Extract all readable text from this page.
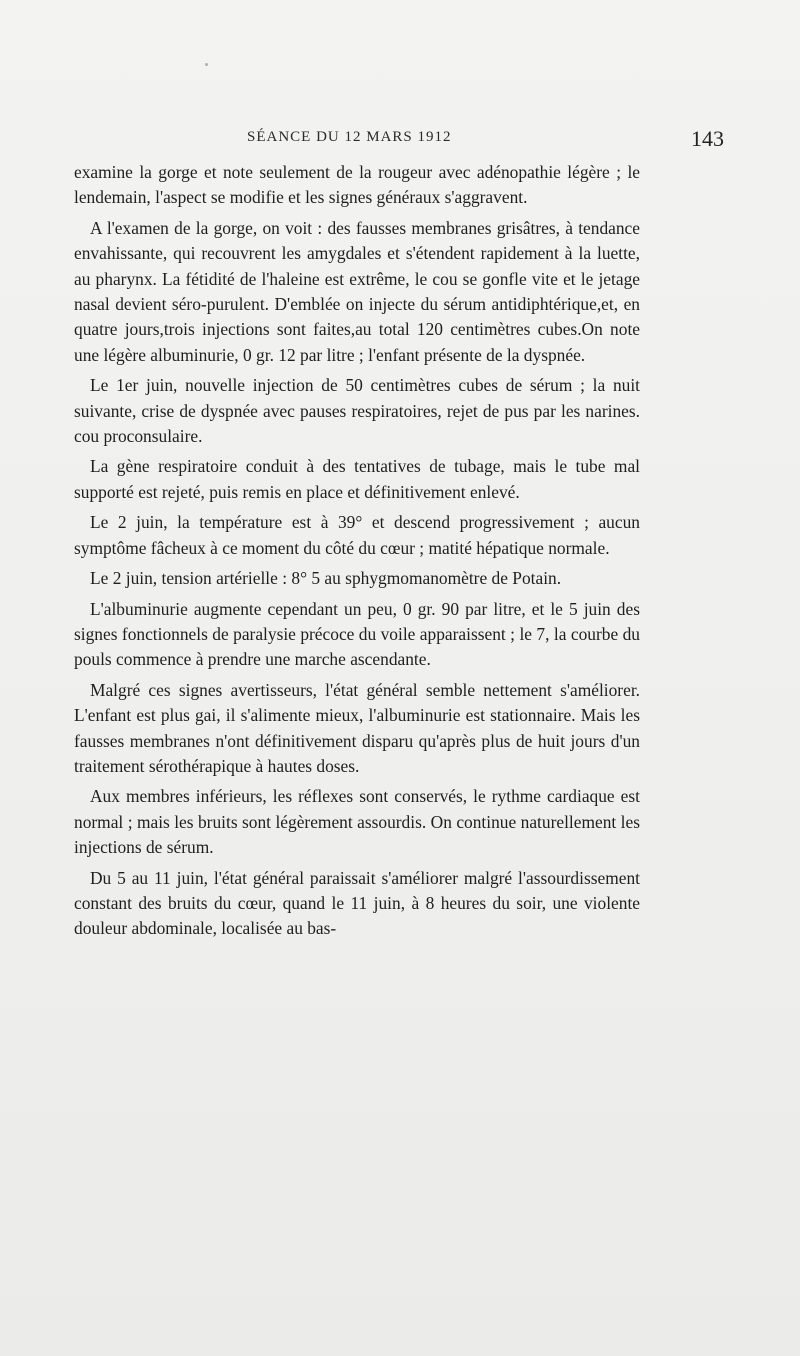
SÉANCE DU 12 MARS 1912	143

examine la gorge et note seulement de la rougeur avec adénopathie légère ; le lendemain, l'aspect se modifie et les signes généraux s'aggravent.

A l'examen de la gorge, on voit : des fausses membranes grisâtres, à tendance envahissante, qui recouvrent les amygdales et s'étendent rapidement à la luette, au pharynx. La fétidité de l'haleine est extrême, le cou se gonfle vite et le jetage nasal devient séro-purulent. D'emblée on injecte du sérum antidiphtérique,et, en quatre jours,trois injections sont faites,au total 120 centimètres cubes.On note une légère albuminurie, 0 gr. 12 par litre ; l'enfant présente de la dyspnée.

Le 1er juin, nouvelle injection de 50 centimètres cubes de sérum ; la nuit suivante, crise de dyspnée avec pauses respiratoires, rejet de pus par les narines. cou proconsulaire.

La gène respiratoire conduit à des tentatives de tubage, mais le tube mal supporté est rejeté, puis remis en place et définitivement enlevé.

Le 2 juin, la température est à 39° et descend progressivement ; aucun symptôme fâcheux à ce moment du côté du cœur ; matité hépatique normale.

Le 2 juin, tension artérielle : 8° 5 au sphygmomanomètre de Potain.

L'albuminurie augmente cependant un peu, 0 gr. 90 par litre, et le 5 juin des signes fonctionnels de paralysie précoce du voile apparaissent ; le 7, la courbe du pouls commence à prendre une marche ascendante.

Malgré ces signes avertisseurs, l'état général semble nettement s'améliorer. L'enfant est plus gai, il s'alimente mieux, l'albuminurie est stationnaire. Mais les fausses membranes n'ont définitivement disparu qu'après plus de huit jours d'un traitement sérothérapique à hautes doses.

Aux membres inférieurs, les réflexes sont conservés, le rythme cardiaque est normal ; mais les bruits sont légèrement assourdis. On continue naturellement les injections de sérum.

Du 5 au 11 juin, l'état général paraissait s'améliorer malgré l'assourdissement constant des bruits du cœur, quand le 11 juin, à 8 heures du soir, une violente douleur abdominale, localisée au bas-
